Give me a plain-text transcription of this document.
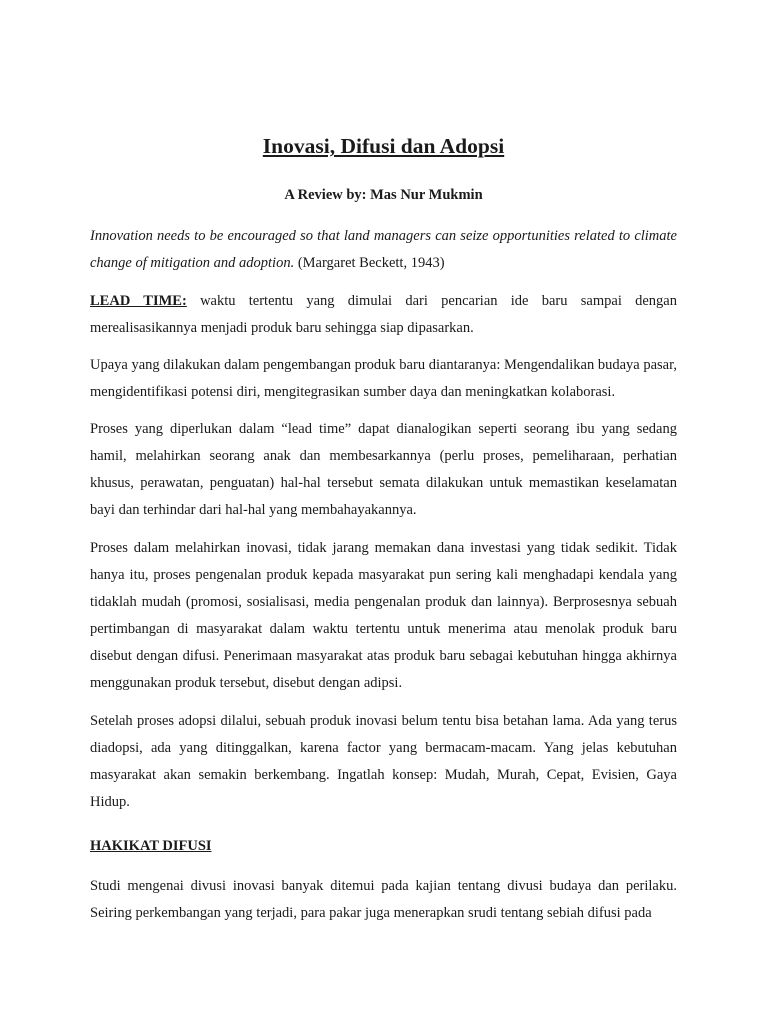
Inovasi, Difusi dan Adopsi

A Review by: Mas Nur Mukmin

Innovation needs to be encouraged so that land managers can seize opportunities related to climate change of mitigation and adoption. (Margaret Beckett, 1943)

LEAD TIME: waktu tertentu yang dimulai dari pencarian ide baru sampai dengan merealisasikannya menjadi produk baru sehingga siap dipasarkan.

Upaya yang dilakukan dalam pengembangan produk baru diantaranya: Mengendalikan budaya pasar, mengidentifikasi potensi diri, mengitegrasikan sumber daya dan meningkatkan kolaborasi.

Proses yang diperlukan dalam “lead time” dapat dianalogikan seperti seorang ibu yang sedang hamil, melahirkan seorang anak dan membesarkannya (perlu proses, pemeliharaan, perhatian khusus, perawatan, penguatan) hal-hal tersebut semata dilakukan untuk memastikan keselamatan bayi dan terhindar dari hal-hal yang membahayakannya.

Proses dalam melahirkan inovasi, tidak jarang memakan dana investasi yang tidak sedikit. Tidak hanya itu, proses pengenalan produk kepada masyarakat pun sering kali menghadapi kendala yang tidaklah mudah (promosi, sosialisasi, media pengenalan produk dan lainnya). Berprosesnya sebuah pertimbangan di masyarakat dalam waktu tertentu untuk menerima atau menolak produk baru disebut dengan difusi. Penerimaan masyarakat atas produk baru sebagai kebutuhan hingga akhirnya menggunakan produk tersebut, disebut dengan adipsi.

Setelah proses adopsi dilalui, sebuah produk inovasi belum tentu bisa betahan lama. Ada yang terus diadopsi, ada yang ditinggalkan, karena factor yang bermacam-macam. Yang jelas kebutuhan masyarakat akan semakin berkembang. Ingatlah konsep: Mudah, Murah, Cepat, Evisien, Gaya Hidup.

HAKIKAT DIFUSI

Studi mengenai divusi inovasi banyak ditemui pada kajian tentang divusi budaya dan perilaku. Seiring perkembangan yang terjadi, para pakar juga menerapkan srudi tentang sebiah difusi pada
